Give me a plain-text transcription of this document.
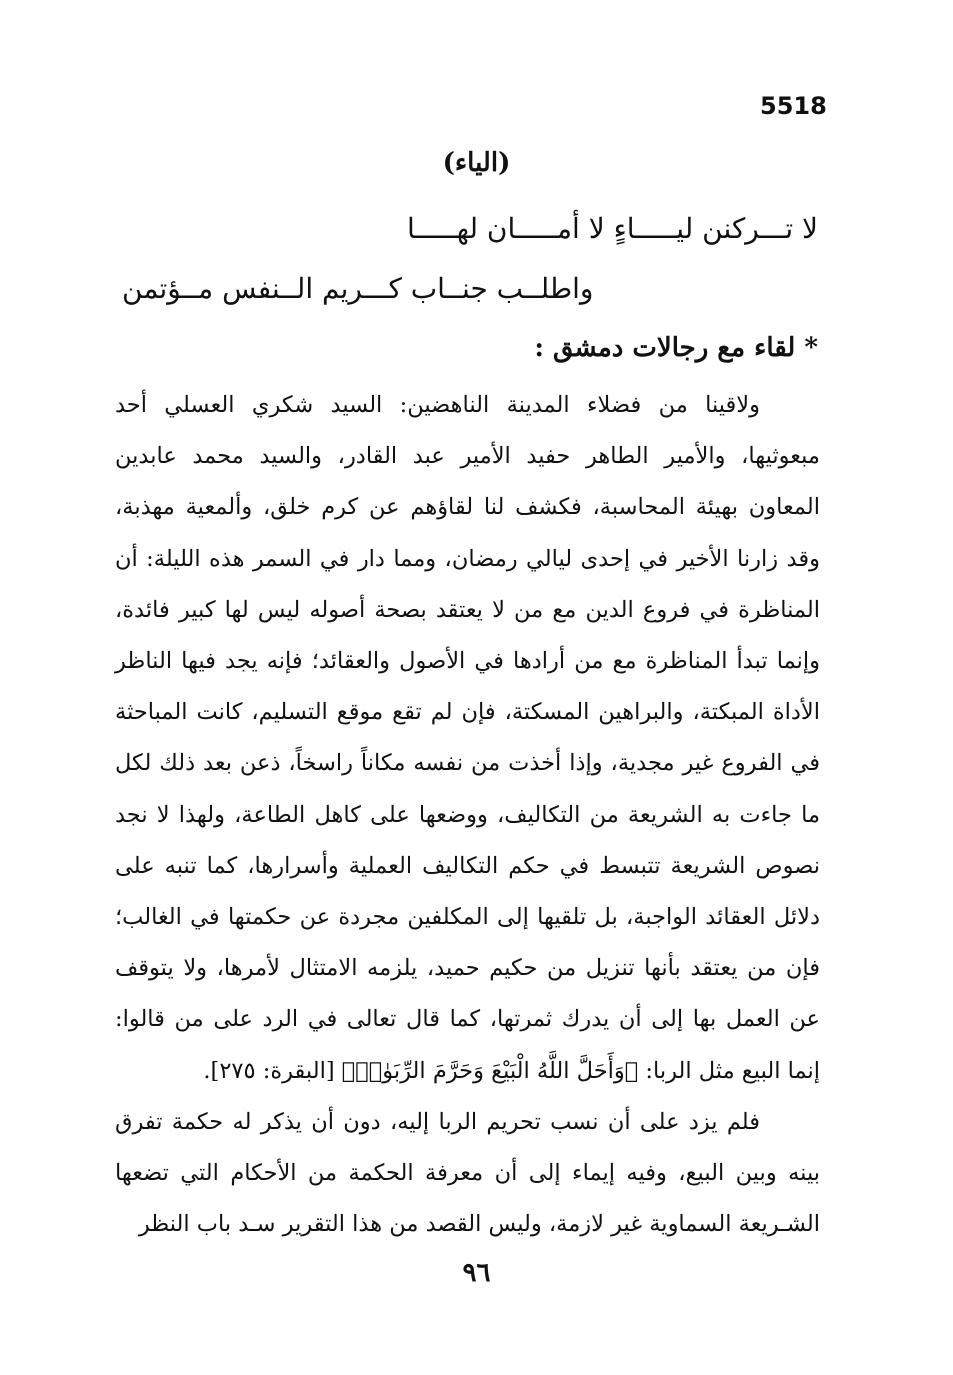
5518
(الياء)
لا تـــركنن ليـــــاءٍ لا أمـــــان لهـــــا
واطلــب جنــاب كـــريم الــنفس مــؤتمن
* لقاء مع رجالات دمشق :

ولاقينا من فضلاء المدينة الناهضين: السيد شكري العسلي أحد مبعوثيها، والأمير الطاهر حفيد الأمير عبد القادر، والسيد محمد عابدين المعاون بهيئة المحاسبة، فكشف لنا لقاؤهم عن كرم خلق، وألمعية مهذبة، وقد زارنا الأخير في إحدى ليالي رمضان، ومما دار في السمر هذه الليلة: أن المناظرة في فروع الدين مع من لا يعتقد بصحة أصوله ليس لها كبير فائدة، وإنما تبدأ المناظرة مع من أرادها في الأصول والعقائد؛ فإنه يجد فيها الناظر الأداة المبكتة، والبراهين المسكتة، فإن لم تقع موقع التسليم، كانت المباحثة في الفروع غير مجدية، وإذا أخذت من نفسه مكاناً راسخاً، ذعن بعد ذلك لكل ما جاءت به الشريعة من التكاليف، ووضعها على كاهل الطاعة، ولهذا لا نجد نصوص الشريعة تتبسط في حكم التكاليف العملية وأسرارها، كما تنبه على دلائل العقائد الواجبة، بل تلقيها إلى المكلفين مجردة عن حكمتها في الغالب؛ فإن من يعتقد بأنها تنزيل من حكيم حميد، يلزمه الامتثال لأمرها، ولا يتوقف عن العمل بها إلى أن يدرك ثمرتها، كما قال تعالى في الرد على من قالوا: إنما البيع مثل الربا: ﴿وَأَحَلَّ اللَّهُ الْبَيْعَ وَحَرَّمَ الرِّبَوٰا۟﴾ [البقرة: ٢٧٥].

فلم يزد على أن نسب تحريم الربا إليه، دون أن يذكر له حكمة تفرق بينه وبين البيع، وفيه إيماء إلى أن معرفة الحكمة من الأحكام التي تضعها الشـريعة السماوية غير لازمة، وليس القصد من هذا التقرير سـد باب النظر

٩٦
